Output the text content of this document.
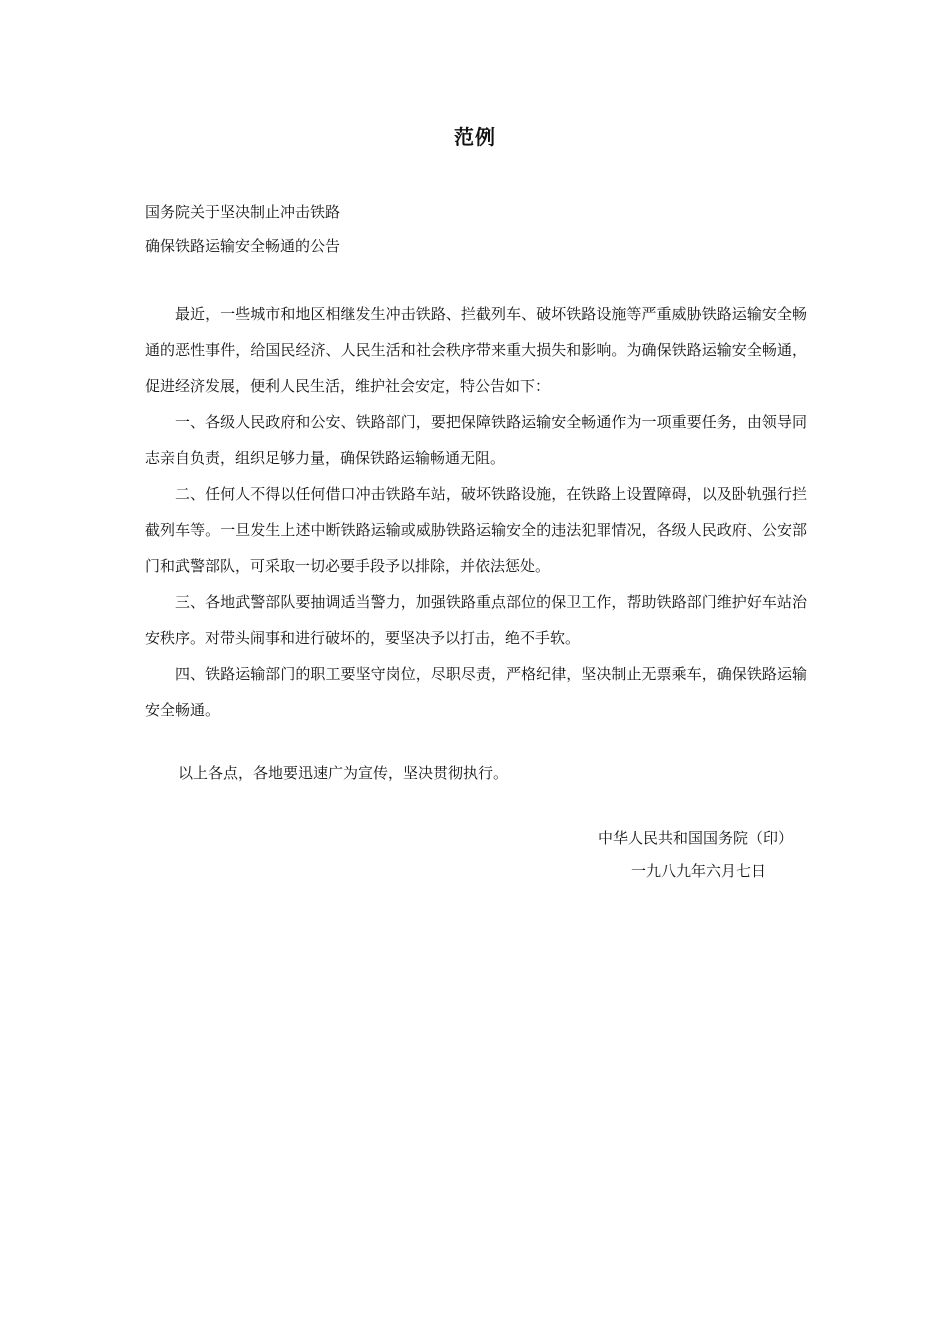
范例
国务院关于坚决制止冲击铁路
确保铁路运输安全畅通的公告

最近，一些城市和地区相继发生冲击铁路、拦截列车、破坏铁路设施等严重威胁铁路运输安全畅通的恶性事件，给国民经济、人民生活和社会秩序带来重大损失和影响。为确保铁路运输安全畅通，促进经济发展，便利人民生活，维护社会安定，特公告如下：

一、各级人民政府和公安、铁路部门，要把保障铁路运输安全畅通作为一项重要任务，由领导同志亲自负责，组织足够力量，确保铁路运输畅通无阻。

二、任何人不得以任何借口冲击铁路车站，破坏铁路设施，在铁路上设置障碍，以及卧轨强行拦截列车等。一旦发生上述中断铁路运输或威胁铁路运输安全的违法犯罪情况，各级人民政府、公安部门和武警部队，可采取一切必要手段予以排除，并依法惩处。

三、各地武警部队要抽调适当警力，加强铁路重点部位的保卫工作，帮助铁路部门维护好车站治安秩序。对带头闹事和进行破坏的，要坚决予以打击，绝不手软。

四、铁路运输部门的职工要坚守岗位，尽职尽责，严格纪律，坚决制止无票乘车，确保铁路运输安全畅通。

以上各点，各地要迅速广为宣传，坚决贯彻执行。
中华人民共和国国务院（印）
一九八九年六月七日
